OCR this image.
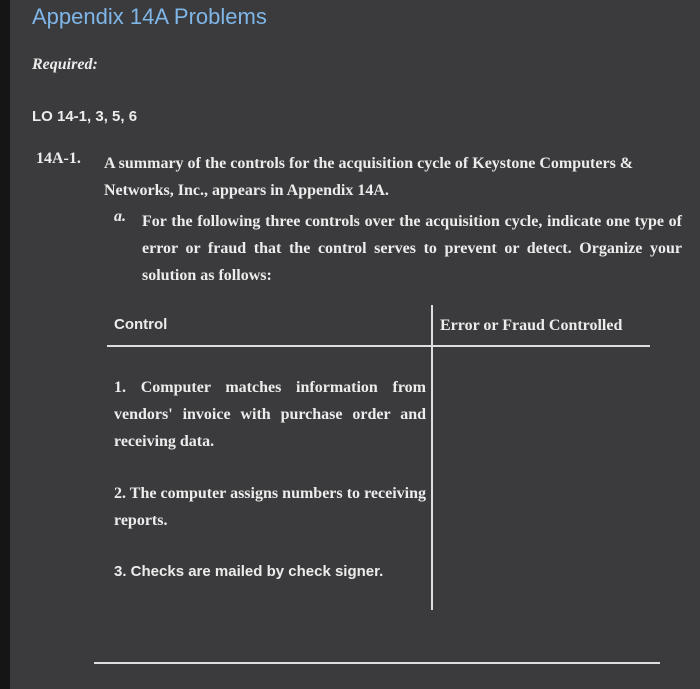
Appendix 14A Problems
Required:
LO 14-1, 3, 5, 6
14A-1. A summary of the controls for the acquisition cycle of Keystone Computers & Networks, Inc., appears in Appendix 14A.
a. For the following three controls over the acquisition cycle, indicate one type of error or fraud that the control serves to prevent or detect. Organize your solution as follows:
Control	Error or Fraud Controlled
1. Computer matches information from vendors' invoice with purchase order and receiving data.
2. The computer assigns numbers to receiving reports.
3. Checks are mailed by check signer.
